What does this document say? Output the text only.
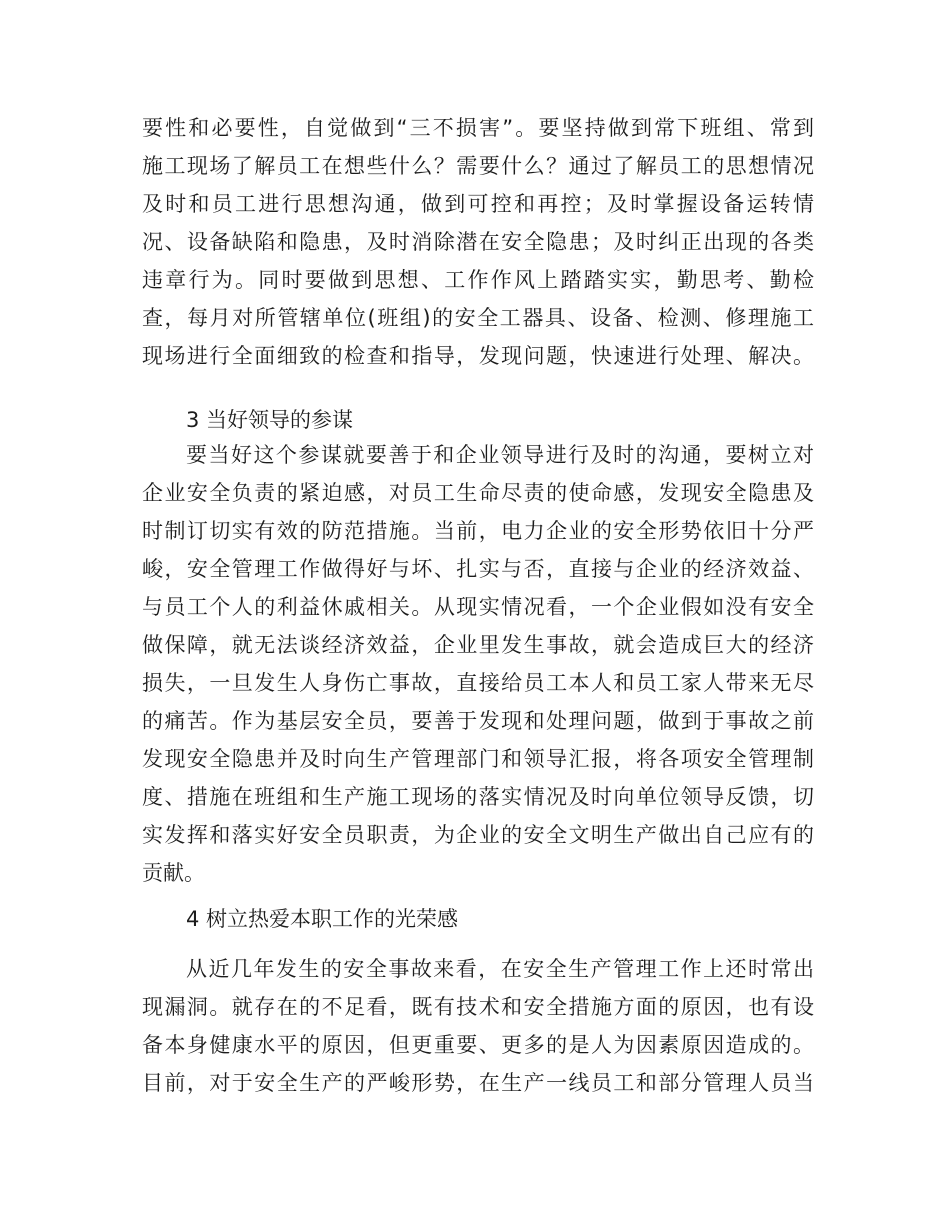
要性和必要性，自觉做到“三不损害”。要坚持做到常下班组、常到
施工现场了解员工在想些什么？需要什么？通过了解员工的思想情况
及时和员工进行思想沟通，做到可控和再控；及时掌握设备运转情
况、设备缺陷和隐患，及时消除潜在安全隐患；及时纠正出现的各类
违章行为。同时要做到思想、工作作风上踏踏实实，勤思考、勤检
查，每月对所管辖单位(班组)的安全工器具、设备、检测、修理施工
现场进行全面细致的检查和指导，发现问题，快速进行处理、解决。
3 当好领导的参谋
要当好这个参谋就要善于和企业领导进行及时的沟通，要树立对
企业安全负责的紧迫感，对员工生命尽责的使命感，发现安全隐患及
时制订切实有效的防范措施。当前，电力企业的安全形势依旧十分严
峻，安全管理工作做得好与坏、扎实与否，直接与企业的经济效益、
与员工个人的利益休戚相关。从现实情况看，一个企业假如没有安全
做保障，就无法谈经济效益，企业里发生事故，就会造成巨大的经济
损失，一旦发生人身伤亡事故，直接给员工本人和员工家人带来无尽
的痛苦。作为基层安全员，要善于发现和处理问题，做到于事故之前
发现安全隐患并及时向生产管理部门和领导汇报，将各项安全管理制
度、措施在班组和生产施工现场的落实情况及时向单位领导反馈，切
实发挥和落实好安全员职责，为企业的安全文明生产做出自己应有的
贡献。
4 树立热爱本职工作的光荣感
从近几年发生的安全事故来看，在安全生产管理工作上还时常出
现漏洞。就存在的不足看，既有技术和安全措施方面的原因，也有设
备本身健康水平的原因，但更重要、更多的是人为因素原因造成的。
目前，对于安全生产的严峻形势，在生产一线员工和部分管理人员当
